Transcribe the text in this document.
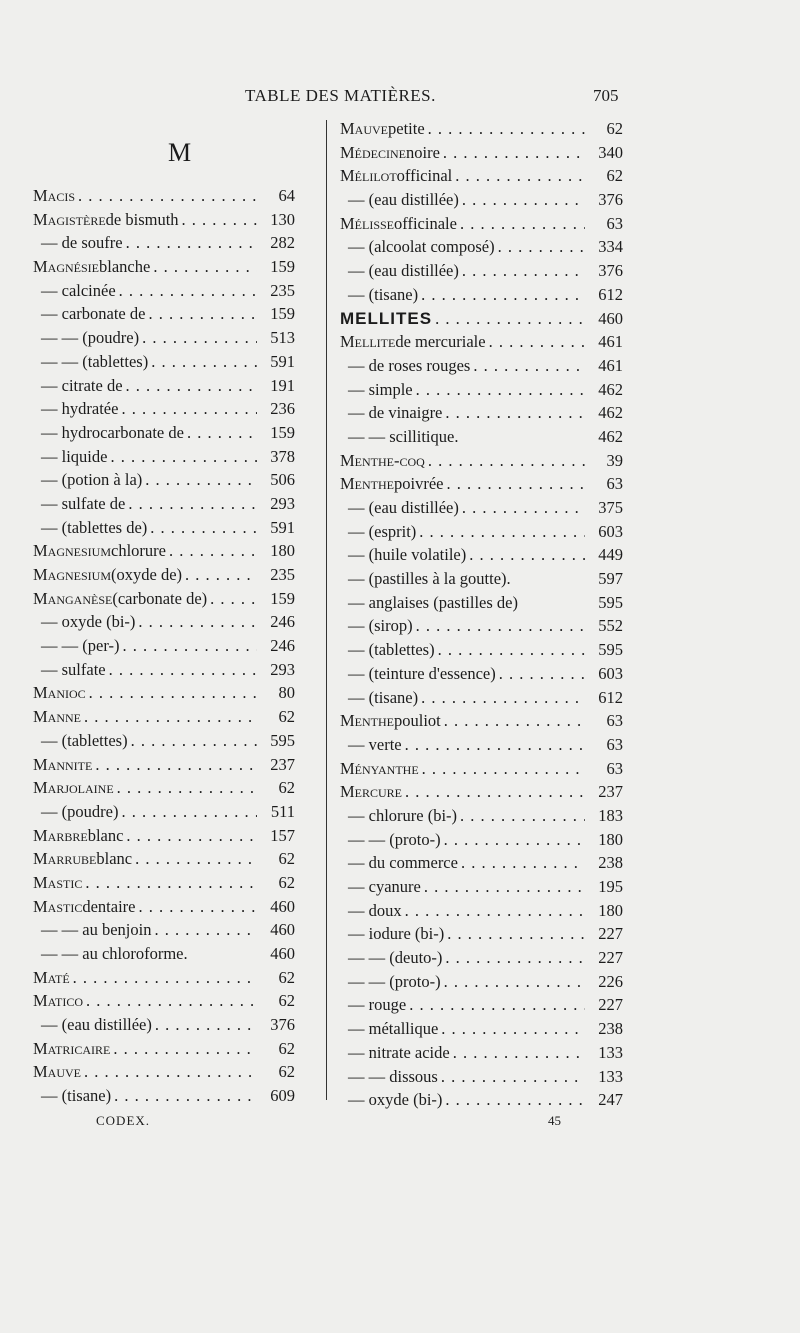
TABLE DES MATIÈRES.	705
M
Macis . . .	64
Magistère de bismuth . . .	130
— de soufre . . .	282
Magnésie blanche . . .	159
— calcinée . . .	235
— carbonate de . . .	159
— — (poudre) . . .	513
— — (tablettes) . . .	591
— citrate de . . .	191
— hydratée . . .	236
— hydrocarbonate de . . .	159
— liquide . . .	378
— (potion à la) . . .	506
— sulfate de . . .	293
— (tablettes de) . . .	591
Magnesium chlorure . . .	180
Magnesium (oxyde de) . . .	235
Manganèse (carbonate de) . . .	159
— oxyde (bi-) . . .	246
— — (per-) . . .	246
— sulfate . . .	293
Manioc . . .	80
Manne . . .	62
— (tablettes) . . .	595
Mannite . . .	237
Marjolaine . . .	62
— (poudre) . . .	511
Marbre blanc . . .	157
Marrube blanc . . .	62
Mastic . . .	62
Mastic dentaire . . .	460
— — au benjoin . . .	460
— — au chloroforme.	460
Maté . . .	62
Matico . . .	62
— (eau distillée) . . .	376
Matricaire . . .	62
Mauve . . .	62
— (tisane) . . .	609
Mauve petite . . .	62
Médecine noire . . .	340
Mélilot officinal . . .	62
— (eau distillée) . . .	376
Mélisse officinale . . .	63
— (alcoolat composé) . . .	334
— (eau distillée) . . .	376
— (tisane) . . .	612
MELLITES . . .	460
Mellite de mercuriale . . .	461
— de roses rouges . . .	461
— simple . . .	462
— de vinaigre . . .	462
— — scillitique.	462
Menthe-coq . . .	39
Menthe poivrée . . .	63
— (eau distillée) . . .	375
— (esprit) . . .	603
— (huile volatile) . . .	449
— (pastilles à la goutte).	597
— anglaises (pastilles de)	595
— (sirop) . . .	552
— (tablettes) . . .	595
— (teinture d'essence) . . .	603
— (tisane) . . .	612
Menthe pouliot . . .	63
— verte . . .	63
Ményanthe . . .	63
Mercure . . .	237
— chlorure (bi-) . . .	183
— — (proto-) . . .	180
— du commerce . . .	238
— cyanure . . .	195
— doux . . .	180
— iodure (bi-) . . .	227
— — (deuto-) . . .	227
— — (proto-) . . .	226
— rouge . . .	227
— métallique . . .	238
— nitrate acide . . .	133
— — dissous . . .	133
— oxyde (bi-) . . .	247
CODEX.	45
